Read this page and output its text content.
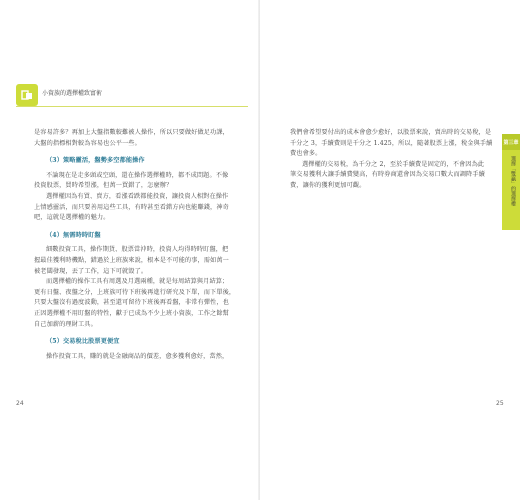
小資族的選擇權致富術

是容易許多？再加上大盤指數較難被人操作，所以只要做好做足功課，

大盤的指標相對較為容易也公平一些。

（3）策略靈活，盤勢多空都能操作

不論現在是走多頭或空頭，還在操作選擇權時，都不成問題。不像

投資股票，買時希望漲，但萬一買錯了，怎麼辦？

選擇權因為有買、賣方，看漲看跌都能投資，讓投資人相對在操作

上情感靈活，而只要善用這些工具，有時甚至看錯方向也能賺錢，神奇

吧，這就是選擇權的魅力。

（4）無需時時盯盤

細數投資工具，操作期貨、股票當沖時，投資人均得時時盯盤，把

握最佳獲利時機點，錯過於上班族來說，根本是不可能的事，需如萬一

被老闆發現，丟了工作，這下可就毀了。

而選擇權的操作工具有周選及月選兩種，就是每周結算與月結算；

更有日盤、夜盤之分，上班族可待下班後再進行研究及下單，而下單後，

只要大盤沒有過度波動，甚至還可留待下班後再看盤，非常有彈性，也

正因選擇權不用盯盤的特性，獻于已成為不少上班小資族，工作之餘幫

自己加薪的理財工具。

（5）交易稅比股票更便宜

操作投資工具，賺的就是金融商品的價差，愈多獲利愈好，當然，

24

我們會希望要付出的成本會愈少愈好，以股票來說，賣出時的交易稅，是

千分之 3，手續費則是千分之 1.425，所以，隨著股票上漲，稅金與手續

費也會多。

選擇權的交易稅，為千分之 2，至於手續費是固定的，不會因為此

筆交易獲利大讓手續費變高，有時券商還會因為交易口數大而調降手續

費，讓你的獲利更加可觀。

25
第三章
選擇「雙贏」的選擇權
